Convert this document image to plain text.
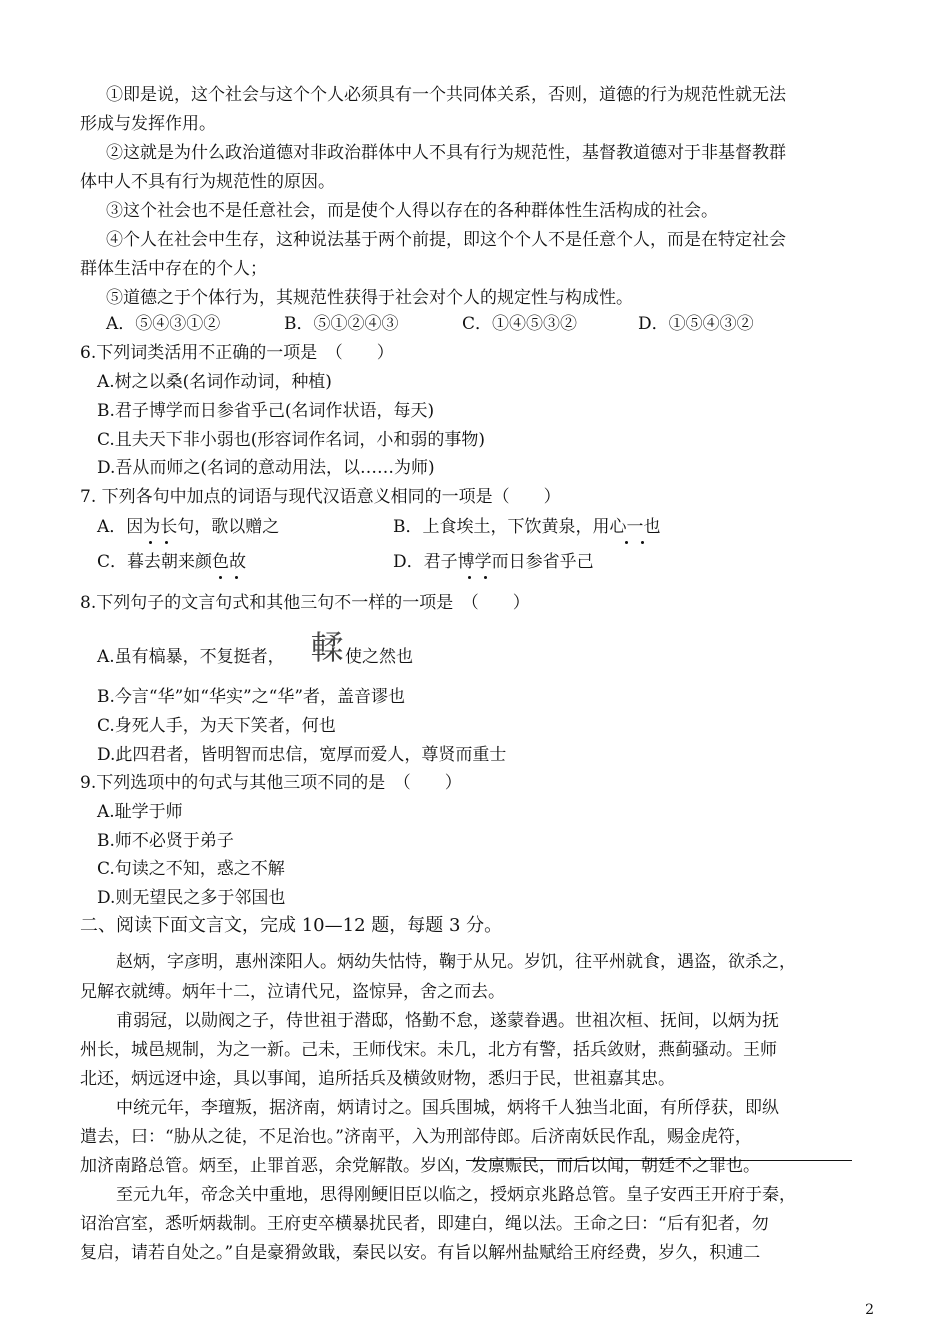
①即是说，这个社会与这个个人必须具有一个共同体关系，否则，道德的行为规范性就无法
形成与发挥作用。
②这就是为什么政治道德对非政治群体中人不具有行为规范性，基督教道德对于非基督教群
体中人不具有行为规范性的原因。
③这个社会也不是任意社会，而是使个人得以存在的各种群体性生活构成的社会。
④个人在社会中生存，这种说法基于两个前提，即这个个人不是任意个人，而是在特定社会
群体生活中存在的个人；
⑤道德之于个体行为，其规范性获得于社会对个人的规定性与构成性。
A．⑤④③①②	B．⑤①②④③	C．①④⑤③②	D．①⑤④③②
6.下列词类活用不正确的一项是　（　　）
A.树之以桑(名词作动词，种植)
B.君子博学而日参省乎己(名词作状语，每天)
C.且夫天下非小弱也(形容词作名词，小和弱的事物)
D.吾从而师之(名词的意动用法，以……为师)
7. 下列各句中加点的词语与现代汉语意义相同的一项是（　　）
A．因为长句，歌以赠之	B．上食埃土，下饮黄泉，用心一也
C．暮去朝来颜色故	D．君子博学而日参省乎己
8.下列句子的文言句式和其他三句不一样的一项是　（　　）
A.虽有槁暴，不复挺者， 輮 使之然也
B.今言“华”如“华实”之“华”者，盖音谬也
C.身死人手，为天下笑者，何也
D.此四君者，皆明智而忠信，宽厚而爱人，尊贤而重士
9.下列选项中的句式与其他三项不同的是　（　　）
A.耻学于师
B.师不必贤于弟子
C.句读之不知，惑之不解
D.则无望民之多于邻国也
二、阅读下面文言文，完成 10—12 题，每题 3 分。
赵炳，字彦明，惠州滦阳人。炳幼失怙恃，鞠于从兄。岁饥，往平州就食，遇盗，欲杀之，
兄解衣就缚。炳年十二，泣请代兄，盗惊异，舍之而去。
甫弱冠，以勋阀之子，侍世祖于潜邸，恪勤不怠，遂蒙眷遇。世祖次桓、抚间，以炳为抚
州长，城邑规制，为之一新。己未，王师伐宋。未几，北方有警，括兵敛财，燕蓟骚动。王师
北还，炳远迓中途，具以事闻，追所括兵及横敛财物，悉归于民，世祖嘉其忠。
中统元年，李璮叛，据济南，炳请讨之。国兵围城，炳将千人独当北面，有所俘获，即纵
遣去，曰：“胁从之徒，不足治也。”济南平，入为刑部侍郎。后济南妖民作乱，赐金虎符，
加济南路总管。炳至，止罪首恶，余党解散。岁凶，发廪赈民，而后以闻，朝廷不之罪也。
至元九年，帝念关中重地，思得刚鲠旧臣以临之，授炳京兆路总管。皇子安西王开府于秦，
诏治宫室，悉听炳裁制。王府吏卒横暴扰民者，即建白，绳以法。王命之曰：“后有犯者，勿
复启，请若自处之。”自是豪猾敛戢，秦民以安。有旨以解州盐赋给王府经费，岁久，积逋二
2
